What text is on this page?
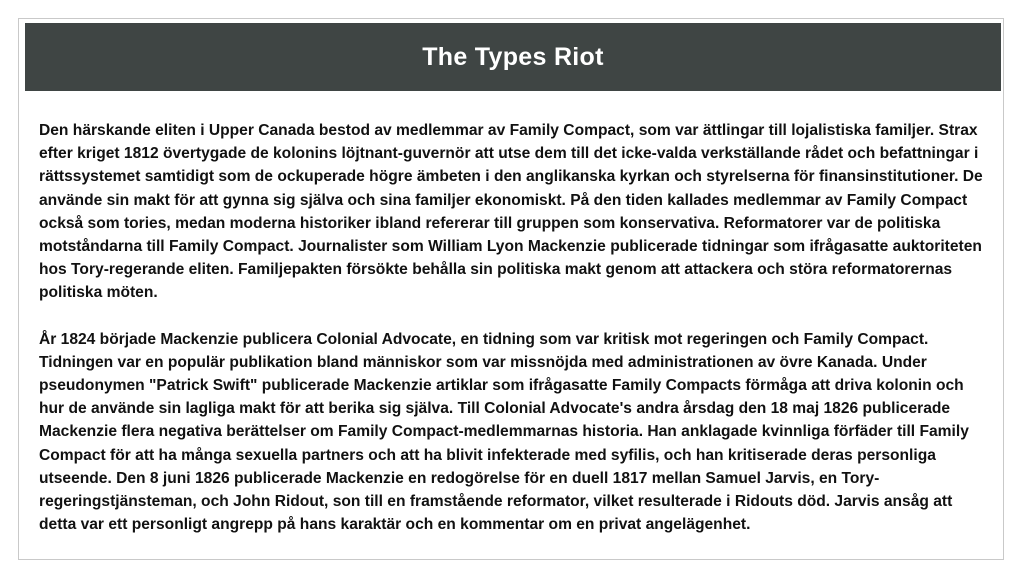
The Types Riot

Den härskande eliten i Upper Canada bestod av medlemmar av Family Compact, som var ättlingar till lojalistiska familjer. Strax efter kriget 1812 övertygade de kolonins löjtnant-guvernör att utse dem till det icke-valda verkställande rådet och befattningar i rättssystemet samtidigt som de ockuperade högre ämbeten i den anglikanska kyrkan och styrelserna för finansinstitutioner. De använde sin makt för att gynna sig själva och sina familjer ekonomiskt. På den tiden kallades medlemmar av Family Compact också som tories, medan moderna historiker ibland refererar till gruppen som konservativa. Reformatorer var de politiska motståndarna till Family Compact. Journalister som William Lyon Mackenzie publicerade tidningar som ifrågasatte auktoriteten hos Tory-regerande eliten. Familjepakten försökte behålla sin politiska makt genom att attackera och störa reformatorernas politiska möten.

År 1824 började Mackenzie publicera Colonial Advocate, en tidning som var kritisk mot regeringen och Family Compact. Tidningen var en populär publikation bland människor som var missnöjda med administrationen av övre Kanada. Under pseudonymen "Patrick Swift" publicerade Mackenzie artiklar som ifrågasatte Family Compacts förmåga att driva kolonin och hur de använde sin lagliga makt för att berika sig själva. Till Colonial Advocate's andra årsdag den 18 maj 1826 publicerade Mackenzie flera negativa berättelser om Family Compact-medlemmarnas historia. Han anklagade kvinnliga förfäder till Family Compact för att ha många sexuella partners och att ha blivit infekterade med syfilis, och han kritiserade deras personliga utseende. Den 8 juni 1826 publicerade Mackenzie en redogörelse för en duell 1817 mellan Samuel Jarvis, en Tory-regeringstjänsteman, och John Ridout, son till en framstående reformator, vilket resulterade i Ridouts död. Jarvis ansåg att detta var ett personligt angrepp på hans karaktär och en kommentar om en privat angelägenhet.
